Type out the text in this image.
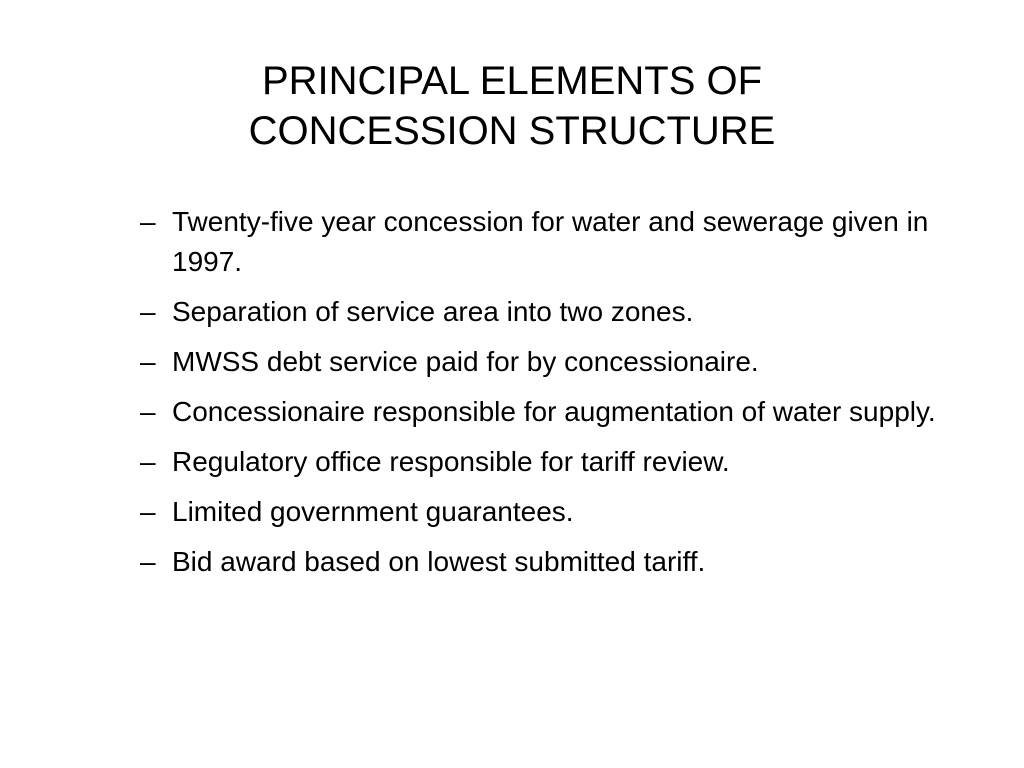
PRINCIPAL ELEMENTS OF
CONCESSION STRUCTURE
– Twenty-five year concession for water and sewerage given in 1997.
– Separation of service area into two zones.
– MWSS debt service paid for by concessionaire.
– Concessionaire responsible for augmentation of water supply.
– Regulatory office responsible for tariff review.
– Limited government guarantees.
– Bid award based on lowest submitted tariff.
